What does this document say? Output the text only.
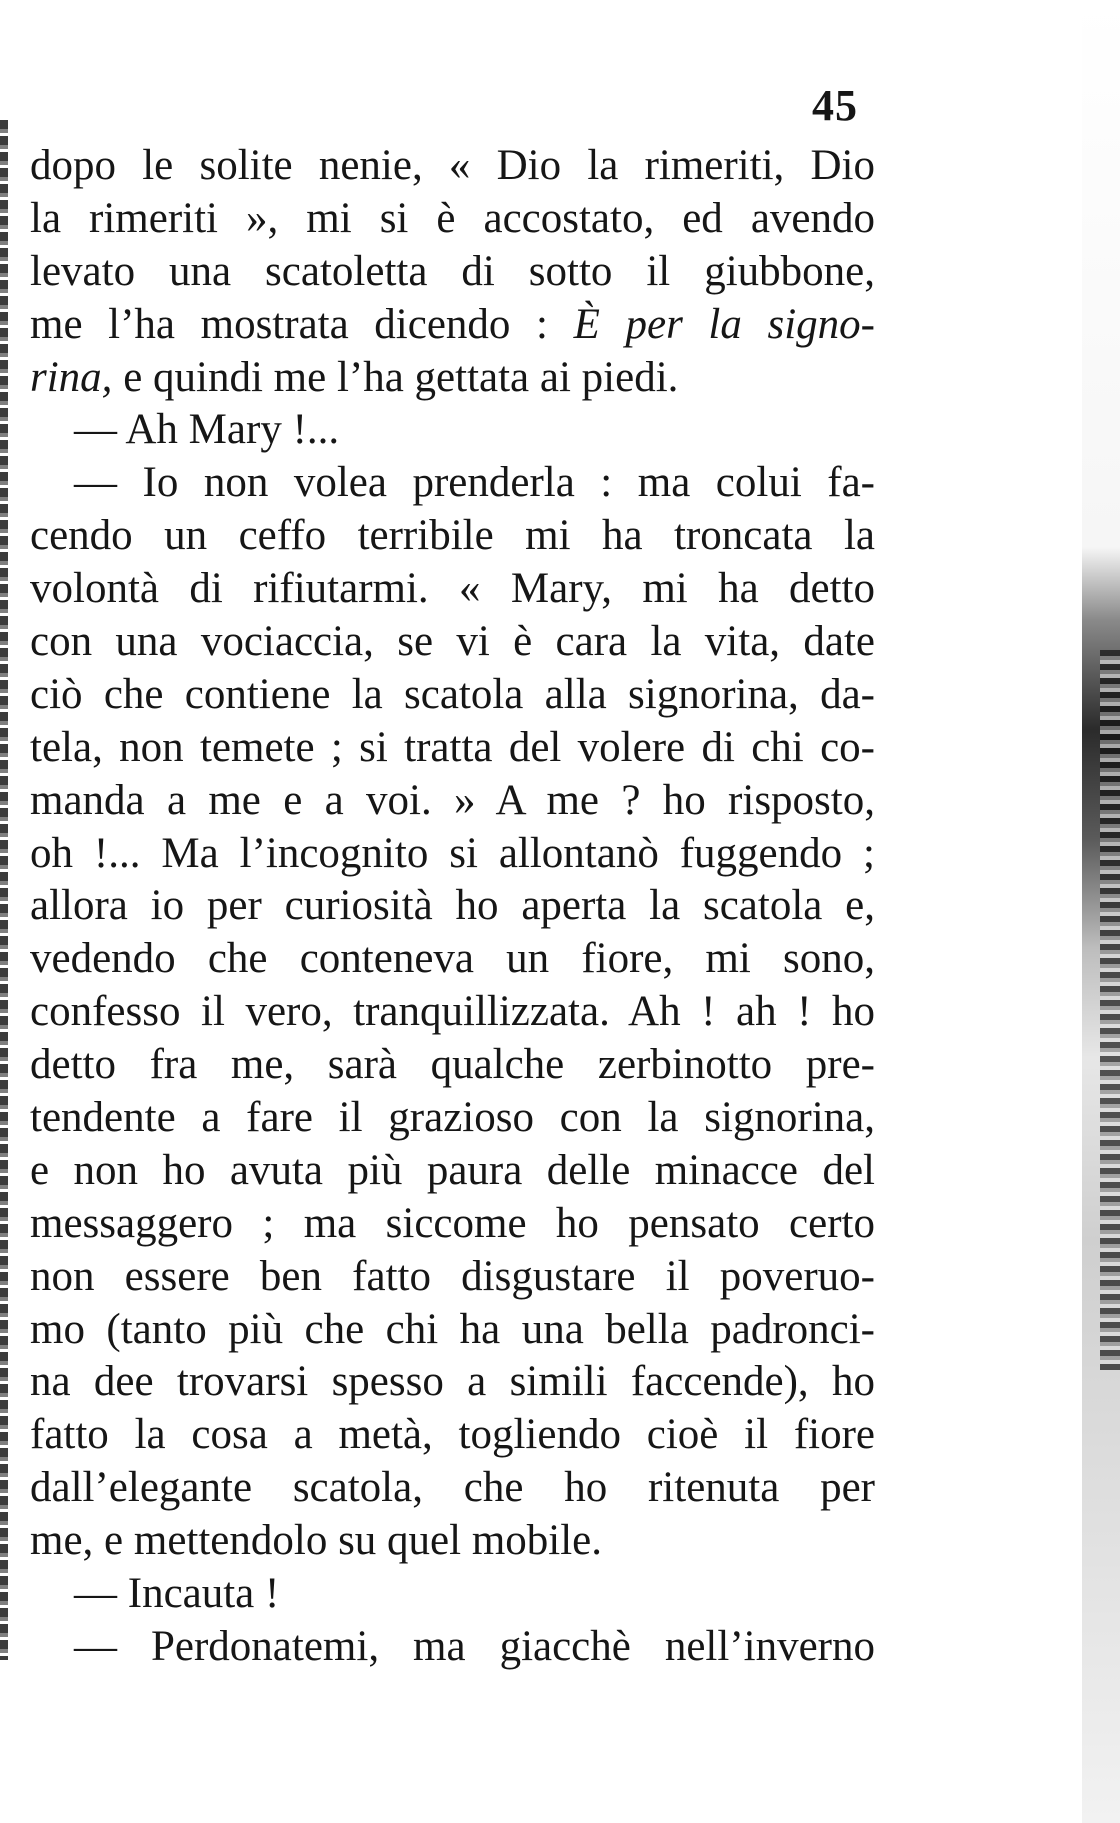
45
dopo le solite nenie, « Dio la rimeriti, Dio
la rimeriti », mi si è accostato, ed avendo
levato una scatoletta di sotto il giubbone,
me l’ha mostrata dicendo : È per la signo-
rina, e quindi me l’ha gettata ai piedi.
— Ah Mary !...
— Io non volea prenderla : ma colui fa-
cendo un ceffo terribile mi ha troncata la
volontà di rifiutarmi. « Mary, mi ha detto
con una vociaccia, se vi è cara la vita, date
ciò che contiene la scatola alla signorina, da-
tela, non temete ; si tratta del volere di chi co-
manda a me e a voi. » A me ? ho risposto,
oh !... Ma l’incognito si allontanò fuggendo ;
allora io per curiosità ho aperta la scatola e,
vedendo che conteneva un fiore, mi sono,
confesso il vero, tranquillizzata. Ah ! ah ! ho
detto fra me, sarà qualche zerbinotto pre-
tendente a fare il grazioso con la signorina,
e non ho avuta più paura delle minacce del
messaggero ; ma siccome ho pensato certo
non essere ben fatto disgustare il poveruo-
mo (tanto più che chi ha una bella padronci-
na dee trovarsi spesso a simili faccende), ho
fatto la cosa a metà, togliendo cioè il fiore
dall’elegante scatola, che ho ritenuta per
me, e mettendolo su quel mobile.
— Incauta !
— Perdonatemi, ma giacchè nell’inverno
